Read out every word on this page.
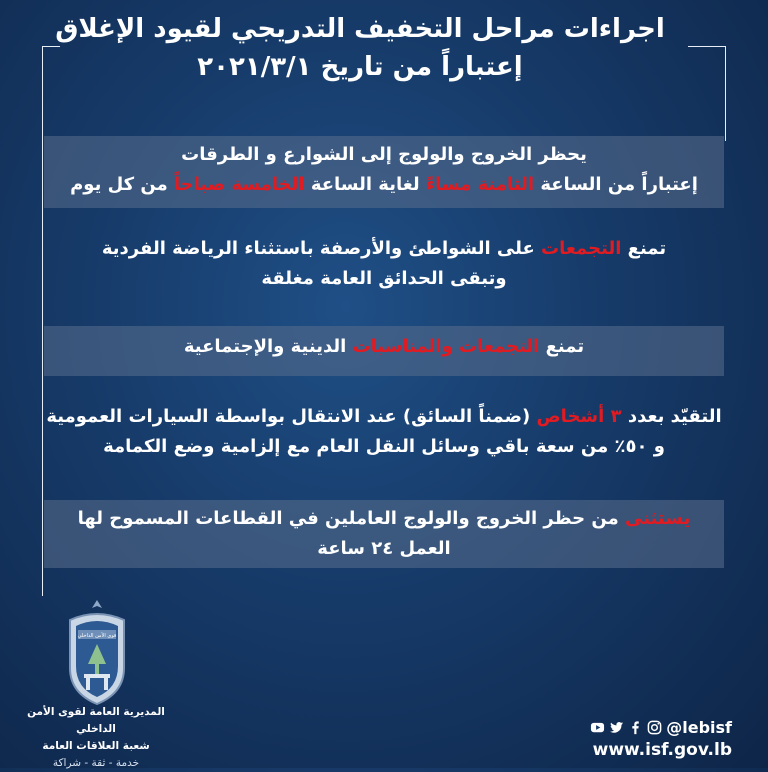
اجراءات مراحل التخفيف التدريجي لقيود الإغلاق
إعتباراً من تاريخ ٢٠٢١/٣/١
يحظر الخروج والولوج إلى الشوارع و الطرقات
إعتباراً من الساعة الثامنة مساءً لغاية الساعة الخامسة صباحاً من كل يوم
تمنع التجمعات على الشواطئ والأرصفة باستثناء الرياضة الفردية
وتبقى الحدائق العامة مغلقة
تمنع التجمعات والمناسبات الدينية والإجتماعية
التقيّد بعدد ٣ أشخاص (ضمناً السائق) عند الانتقال بواسطة السيارات العمومية
و ٥٠٪ من سعة باقي وسائل النقل العام مع إلزامية وضع الكمامة
يستثنى من حظر الخروج والولوج العاملين في القطاعات المسموح لها
العمل ٢٤ ساعة
قوى الأمن الداخلي
المديرية العامة لقوى الأمن الداخلي
شعبة العلاقات العامة
خدمة - ثقة - شراكة
@lebisf
www.isf.gov.lb
